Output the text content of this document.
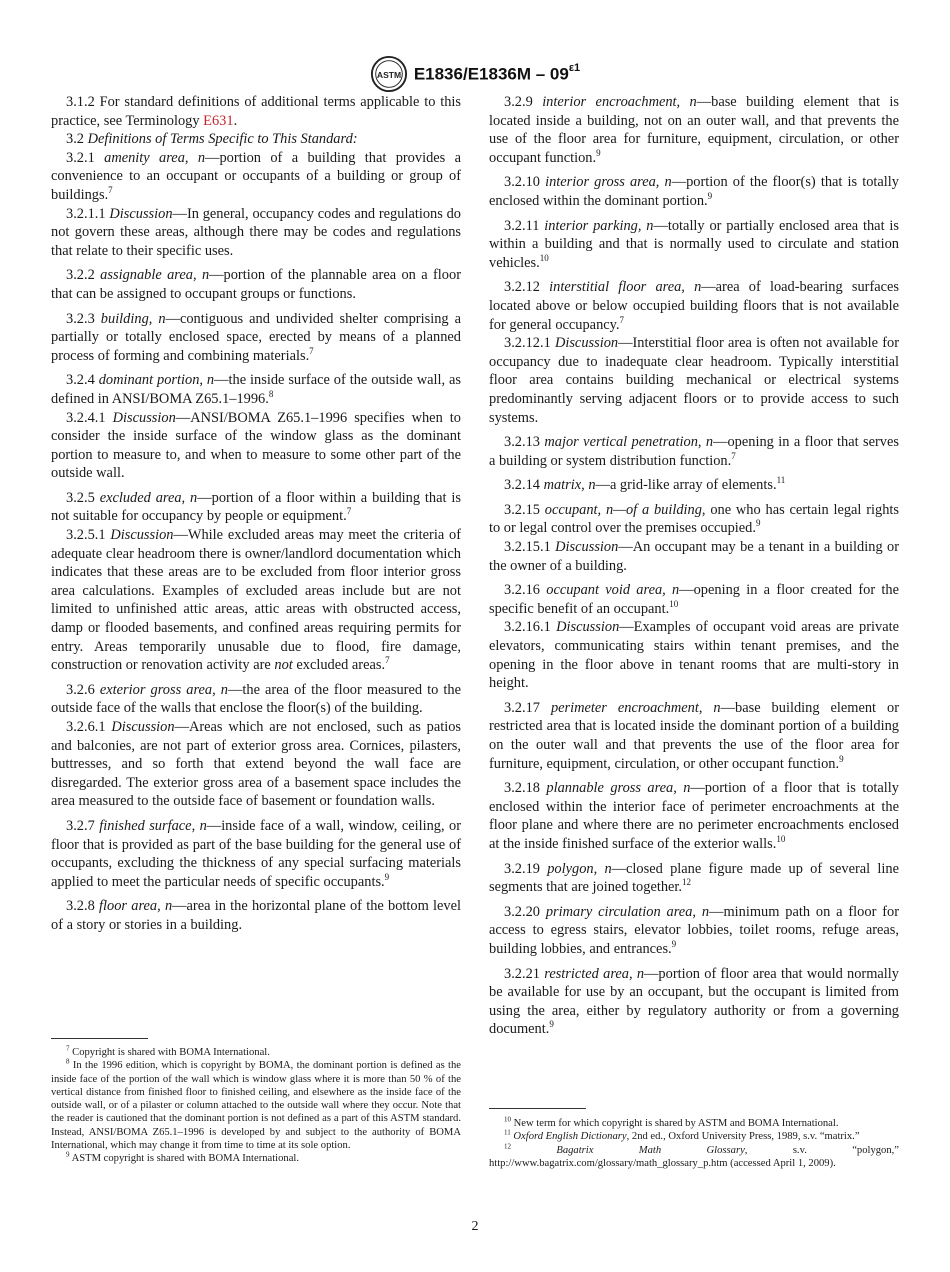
ASTM $E1836/E1836M - 09^{\varepsilon 1}$

3.1.2 For standard definitions of additional terms applicable to this practice, see Terminology E631.

3.2 Definitions of Terms Specific to This Standard:

3.2.1 amenity area, n—portion of a building that provides a convenience to an occupant or occupants of a building or group of buildings.$^7$

3.2.1.1 Discussion—In general, occupancy codes and regulations do not govern these areas, although there may be codes and regulations that relate to their specific uses.

3.2.2 assignable area, n—portion of the plannable area on a floor that can be assigned to occupant groups or functions.

3.2.3 building, n—contiguous and undivided shelter comprising a partially or totally enclosed space, erected by means of a planned process of forming and combining materials.$^7$

3.2.4 dominant portion, n—the inside surface of the outside wall, as defined in ANSI/BOMA Z65.1–1996.$^8$

3.2.4.1 Discussion—ANSI/BOMA Z65.1–1996 specifies when to consider the inside surface of the window glass as the dominant portion to measure to, and when to measure to some other part of the outside wall.

3.2.5 excluded area, n—portion of a floor within a building that is not suitable for occupancy by people or equipment.$^7$

3.2.5.1 Discussion—While excluded areas may meet the criteria of adequate clear headroom there is owner/landlord documentation which indicates that these areas are to be excluded from floor interior gross area calculations. Examples of excluded areas include but are not limited to unfinished attic areas, attic areas with obstructed access, damp or flooded basements, and confined areas requiring permits for entry. Areas temporarily unusable due to flood, fire damage, construction or renovation activity are not excluded areas.$^7$

3.2.6 exterior gross area, n—the area of the floor measured to the outside face of the walls that enclose the floor(s) of the building.

3.2.6.1 Discussion—Areas which are not enclosed, such as patios and balconies, are not part of exterior gross area. Cornices, pilasters, buttresses, and so forth that extend beyond the wall face are disregarded. The exterior gross area of a basement space includes the area measured to the outside face of basement or foundation walls.

3.2.7 finished surface, n—inside face of a wall, window, ceiling, or floor that is provided as part of the base building for the general use of occupants, excluding the thickness of any special surfacing materials applied to meet the particular needs of specific occupants.$^9$

3.2.8 floor area, n—area in the horizontal plane of the bottom level of a story or stories in a building.

3.2.9 interior encroachment, n—base building element that is located inside a building, not on an outer wall, and that prevents the use of the floor area for furniture, equipment, circulation, or other occupant function.$^9$

3.2.10 interior gross area, n—portion of the floor(s) that is totally enclosed within the dominant portion.$^9$

3.2.11 interior parking, n—totally or partially enclosed area that is within a building and that is normally used to circulate and station vehicles.$^{10}$

3.2.12 interstitial floor area, n—area of load-bearing surfaces located above or below occupied building floors that is not available for general occupancy.$^7$

3.2.12.1 Discussion—Interstitial floor area is often not available for occupancy due to inadequate clear headroom. Typically interstitial floor area contains building mechanical or electrical systems predominantly serving adjacent floors or to provide access to such systems.

3.2.13 major vertical penetration, n—opening in a floor that serves a building or system distribution function.$^7$

3.2.14 matrix, n—a grid-like array of elements.$^{11}$

3.2.15 occupant, n—of a building, one who has certain legal rights to or legal control over the premises occupied.$^9$

3.2.15.1 Discussion—An occupant may be a tenant in a building or the owner of a building.

3.2.16 occupant void area, n—opening in a floor created for the specific benefit of an occupant.$^{10}$

3.2.16.1 Discussion—Examples of occupant void areas are private elevators, communicating stairs within tenant premises, and the opening in the floor above in tenant rooms that are multi-story in height.

3.2.17 perimeter encroachment, n—base building element or restricted area that is located inside the dominant portion of a building on the outer wall and that prevents the use of the floor area for furniture, equipment, circulation, or other occupant function.$^9$

3.2.18 plannable gross area, n—portion of a floor that is totally enclosed within the interior face of perimeter encroachments at the floor plane and where there are no perimeter encroachments enclosed at the inside finished surface of the exterior walls.$^{10}$

3.2.19 polygon, n—closed plane figure made up of several line segments that are joined together.$^{12}$

3.2.20 primary circulation area, n—minimum path on a floor for access to egress stairs, elevator lobbies, toilet rooms, refuge areas, building lobbies, and entrances.$^9$

3.2.21 restricted area, n—portion of floor area that would normally be available for use by an occupant, but the occupant is limited from using the area, either by regulatory authority or from a governing document.$^9$

$^7$ Copyright is shared with BOMA International.

$^8$ In the 1996 edition, which is copyright by BOMA, the dominant portion is defined as the inside face of the portion of the wall which is window glass where it is more than 50 % of the vertical distance from finished floor to finished ceiling, and elsewhere as the inside face of the outside wall, or of a pilaster or column attached to the outside wall where they occur. Note that the reader is cautioned that the dominant portion is not defined as a part of this ASTM standard. Instead, ANSI/BOMA Z65.1–1996 is developed by and subject to the authority of BOMA International, which may change it from time to time at its sole option.

$^9$ ASTM copyright is shared with BOMA International.

$^{10}$ New term for which copyright is shared by ASTM and BOMA International.

$^{11}$ Oxford English Dictionary, 2nd ed., Oxford University Press, 1989, s.v. “matrix.”

$^{12}$ Bagatrix Math Glossary, s.v. “polygon,” http://www.bagatrix.com/glossary/math_glossary_p.htm (accessed April 1, 2009).

2
